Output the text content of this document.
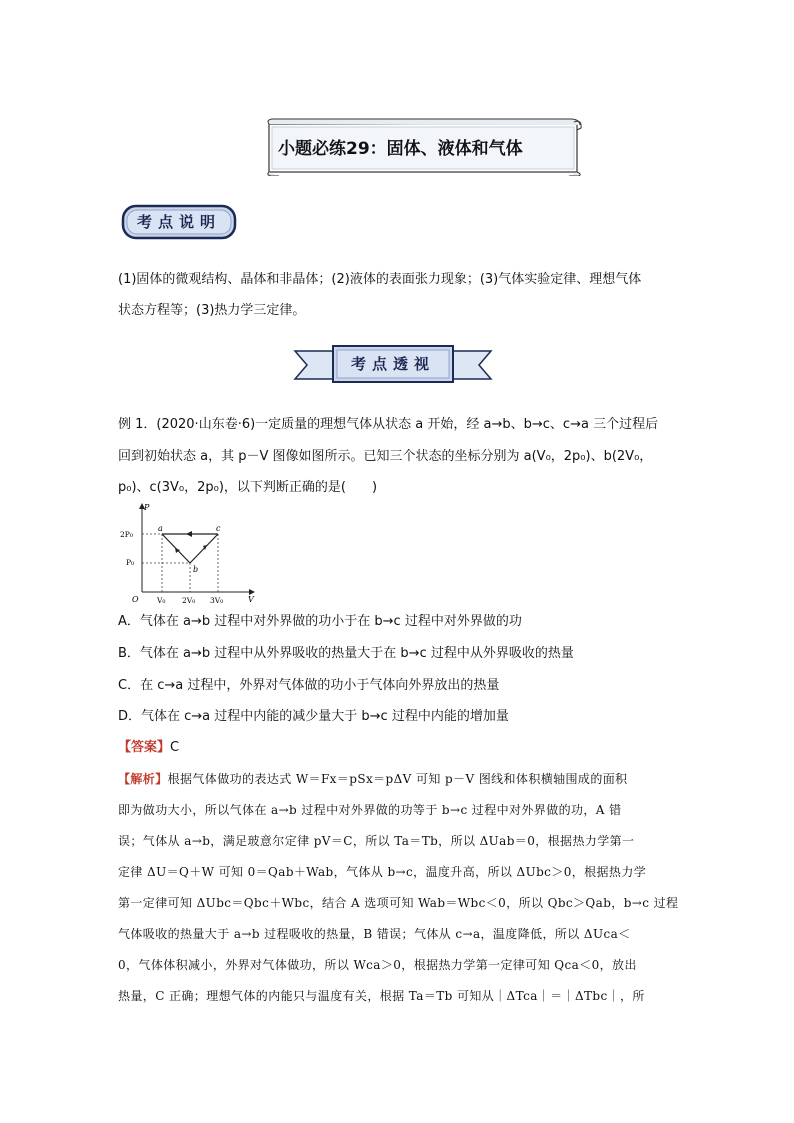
小题必练29：固体、液体和气体
考点说明
(1)固体的微观结构、晶体和非晶体；(2)液体的表面张力现象；(3)气体实验定律、理想气体
状态方程等；(3)热力学三定律。
考点透视
例 1．(2020·山东卷·6)一定质量的理想气体从状态 a 开始，经 a→b、b→c、c→a 三个过程后
回到初始状态 a，其 p－V 图像如图所示。已知三个状态的坐标分别为 a(V₀，2p₀)、b(2V₀，
p₀)、c(3V₀，2p₀)，以下判断正确的是(　　)
P
V
O
2P₀
P₀
V₀ 2V₀ 3V₀
a
b
c
A．气体在 a→b 过程中对外界做的功小于在 b→c 过程中对外界做的功
B．气体在 a→b 过程中从外界吸收的热量大于在 b→c 过程中从外界吸收的热量
C．在 c→a 过程中，外界对气体做的功小于气体向外界放出的热量
D．气体在 c→a 过程中内能的减少量大于 b→c 过程中内能的增加量
【答案】C
【解析】根据气体做功的表达式 W＝Fx＝pSx＝pΔV 可知 p－V 图线和体积横轴围成的面积
即为做功大小，所以气体在 a→b 过程中对外界做的功等于 b→c 过程中对外界做的功，A 错
误；气体从 a→b，满足玻意尔定律 pV＝C，所以 Ta＝Tb，所以 ΔUab＝0，根据热力学第一
定律 ΔU＝Q＋W 可知 0＝Qab＋Wab，气体从 b→c，温度升高，所以 ΔUbc＞0，根据热力学
第一定律可知 ΔUbc＝Qbc＋Wbc，结合 A 选项可知 Wab＝Wbc＜0，所以 Qbc＞Qab，b→c 过程
气体吸收的热量大于 a→b 过程吸收的热量，B 错误；气体从 c→a，温度降低，所以 ΔUca＜
0，气体体积减小，外界对气体做功，所以 Wca＞0，根据热力学第一定律可知 Qca＜0，放出
热量，C 正确；理想气体的内能只与温度有关，根据 Ta＝Tb 可知从｜ΔTca｜＝｜ΔTbc｜，所
